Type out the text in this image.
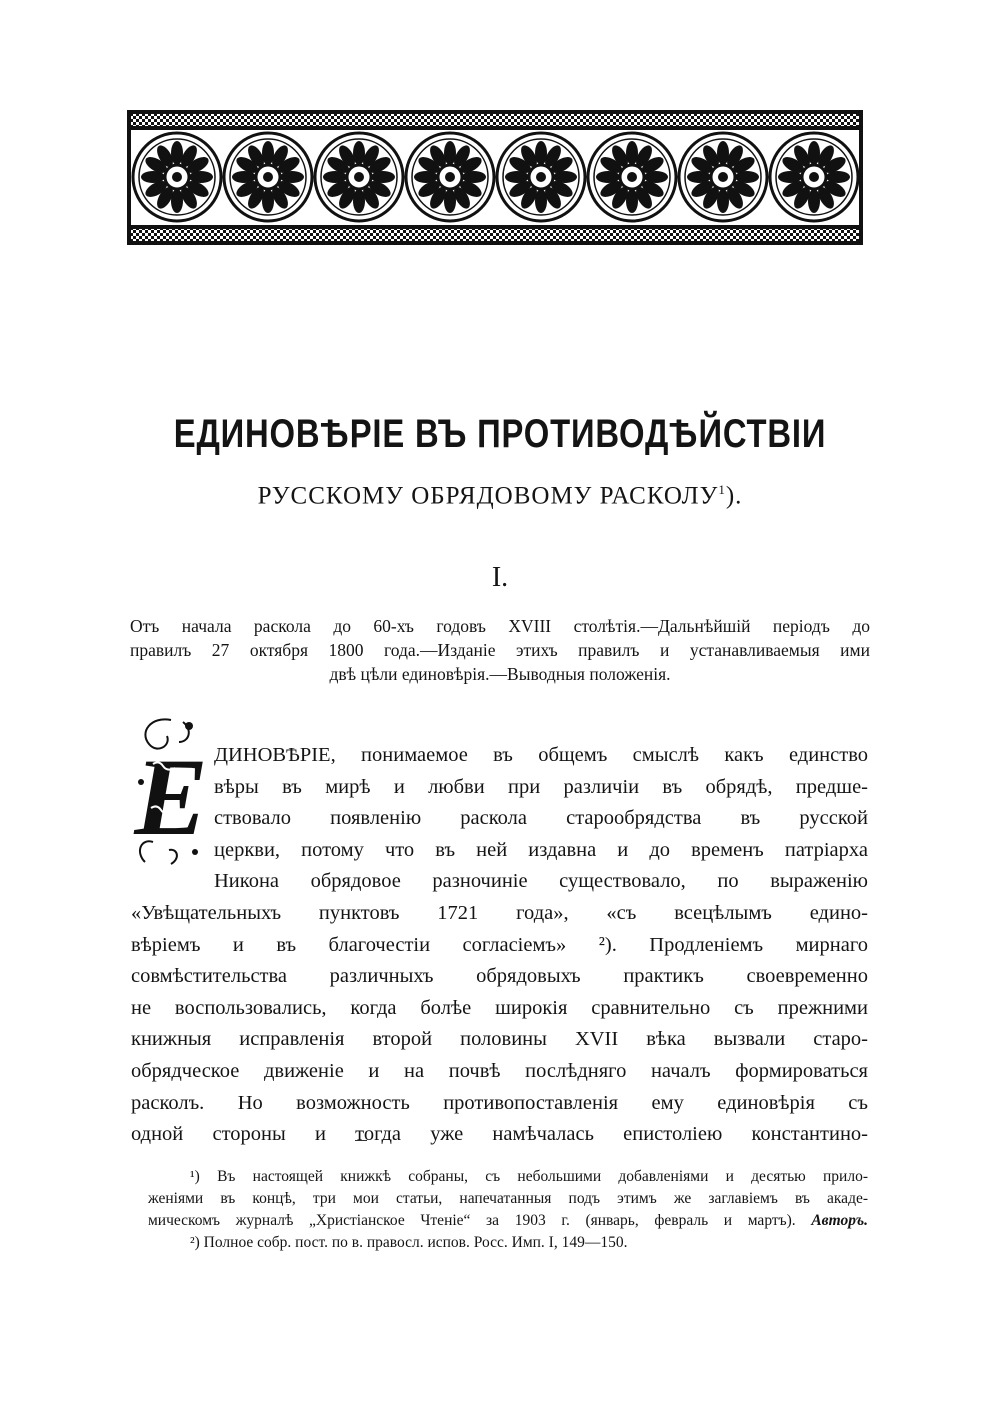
ЕДИНОВѢРІЕ ВЪ ПРОТИВОДѢЙСТВІИ
РУССКОМУ ОБРЯДОВОМУ РАСКОЛУ$^1$).
I.
Отъ начала раскола до 60-хъ годовъ XVIII столѣтія.—Дальнѣйшій періодъ до
правилъ 27 октября 1800 года.—Изданіе этихъ правилъ и устанавливаемыя ими
двѣ цѣли единовѣрія.—Выводныя положенія.
Е ДИНОВѢРІЕ, понимаемое въ общемъ смыслѣ какъ единство
вѣры въ мирѣ и любви при различіи въ обрядѣ, предше-
ствовало появленію раскола старообрядства въ русской
церкви, потому что въ ней издавна и до временъ патріарха
Никона обрядовое разночиніе существовало, по выраженію
«Увѣщательныхъ пунктовъ 1721 года», «съ всецѣлымъ едино-
вѣріемъ и въ благочестіи согласіемъ» ²). Продленіемъ мирнаго
совмѣстительства различныхъ обрядовыхъ практикъ своевременно
не воспользовались, когда болѣе широкія сравнительно съ прежними
книжныя исправленія второй половины XVII вѣка вызвали старо-
обрядческое движеніе и на почвѣ послѣдняго началъ формироваться
расколъ. Но возможность противопоставленія ему единовѣрія съ
одной стороны и тогда уже намѣчалась епистоліею константино-
¹) Въ настоящей книжкѣ собраны, съ небольшими добавленіями и десятью прило-
женіями въ концѣ, три мои статьи, напечатанныя подъ этимъ же заглавіемъ въ акаде-
мическомъ журналѣ „Христіанское Чтеніе“ за 1903 г. (январь, февраль и мартъ). Авторъ.
²) Полное собр. пост. по в. правосл. испов. Росс. Имп. I, 149—150.
